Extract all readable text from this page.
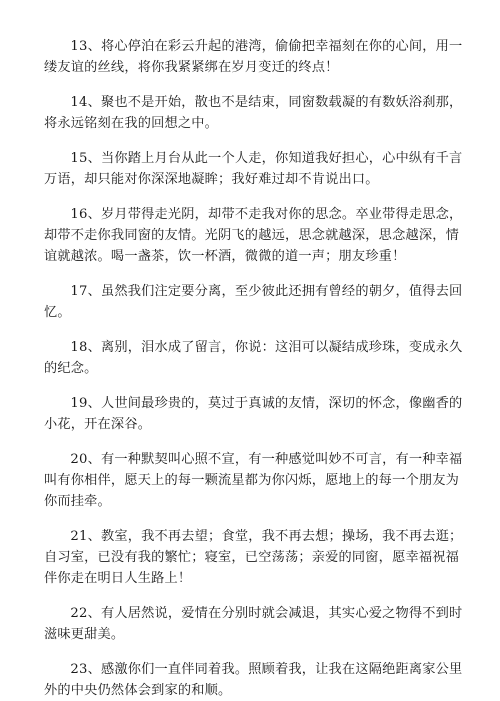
13、将心停泊在彩云升起的港湾，偷偷把幸福刻在你的心间，用一缕友谊的丝线，将你我紧紧绑在岁月变迁的终点！

14、聚也不是开始，散也不是结束，同窗数载凝的有数妖浴刹那，将永远铭刻在我的回想之中。

15、当你踏上月台从此一个人走，你知道我好担心，心中纵有千言万语，却只能对你深深地凝眸；我好难过却不肯说出口。

16、岁月带得走光阴，却带不走我对你的思念。卒业带得走思念，却带不走你我同窗的友情。光阴飞的越远，思念就越深，思念越深，情谊就越浓。喝一盏茶，饮一杯酒，微微的道一声；朋友珍重！

17、虽然我们注定要分离，至少彼此还拥有曾经的朝夕，值得去回忆。

18、离别，泪水成了留言，你说：这泪可以凝结成珍珠，变成永久的纪念。

19、人世间最珍贵的，莫过于真诚的友情，深切的怀念，像幽香的小花，开在深谷。

20、有一种默契叫心照不宣，有一种感觉叫妙不可言，有一种幸福叫有你相伴，愿天上的每一颗流星都为你闪烁，愿地上的每一个朋友为你而挂牵。

21、教室，我不再去望；食堂，我不再去想；操场，我不再去逛；自习室，已没有我的繁忙；寝室，已空荡荡；亲爱的同窗，愿幸福祝福伴你走在明日人生路上！

22、有人居然说，爱情在分别时就会减退，其实心爱之物得不到时滋味更甜美。

23、感激你们一直伴同着我。照顾着我，让我在这隔绝距离家公里外的中央仍然体会到家的和顺。
